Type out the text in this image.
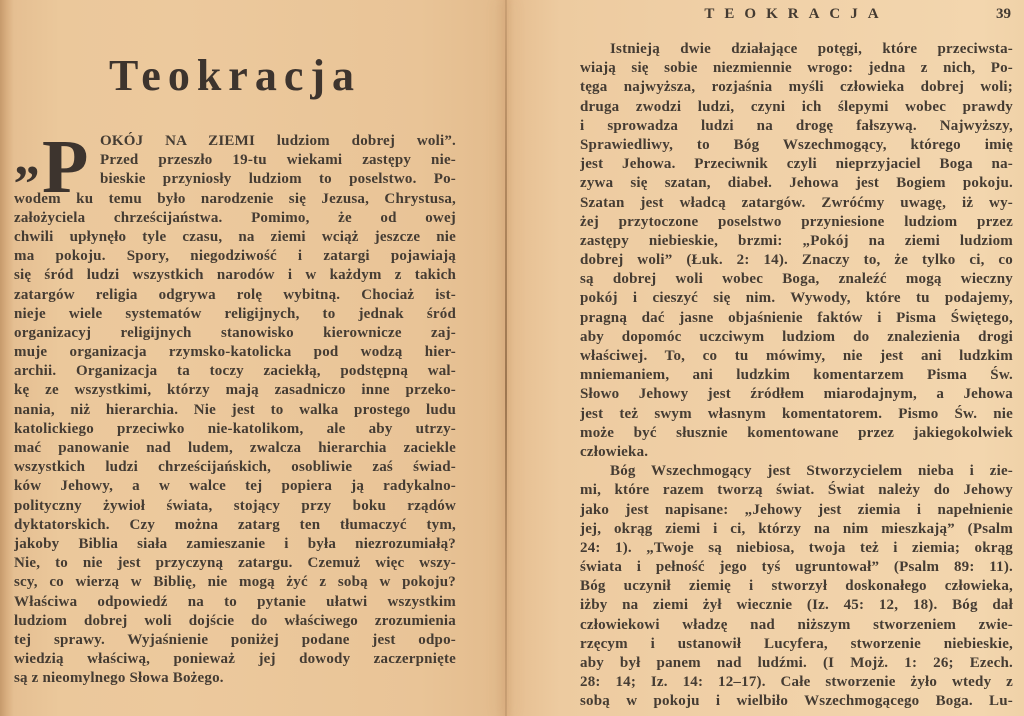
Teokracja
„ P OKÓJ NA ZIEMI ludziom dobrej woli”.
Przed przeszło 19-tu wiekami zastępy nie-
bieskie przyniosły ludziom to poselstwo. Po-
wodem ku temu było narodzenie się Jezusa, Chrystusa,
założyciela chrześcijaństwa. Pomimo, że od owej
chwili upłynęło tyle czasu, na ziemi wciąż jeszcze nie
ma pokoju. Spory, niegodziwość i zatargi pojawiają
się śród ludzi wszystkich narodów i w każdym z takich
zatargów religia odgrywa rolę wybitną. Chociaż ist-
nieje wiele systematów religijnych, to jednak śród
organizacyj religijnych stanowisko kierownicze zaj-
muje organizacja rzymsko-katolicka pod wodzą hier-
archii. Organizacja ta toczy zaciekłą, podstępną wal-
kę ze wszystkimi, którzy mają zasadniczo inne przeko-
nania, niż hierarchia. Nie jest to walka prostego ludu
katolickiego przeciwko nie-katolikom, ale aby utrzy-
mać panowanie nad ludem, zwalcza hierarchia zaciekle
wszystkich ludzi chrześcijańskich, osobliwie zaś świad-
ków Jehowy, a w walce tej popiera ją radykalno-
polityczny żywioł świata, stojący przy boku rządów
dyktatorskich. Czy można zatarg ten tłumaczyć tym,
jakoby Biblia siała zamieszanie i była niezrozumiałą?
Nie, to nie jest przyczyną zatargu. Czemuż więc wszy-
scy, co wierzą w Biblię, nie mogą żyć z sobą w pokoju?
Właściwa odpowiedź na to pytanie ułatwi wszystkim
ludziom dobrej woli dojście do właściwego zrozumienia
tej sprawy. Wyjaśnienie poniżej podane jest odpo-
wiedzią właściwą, ponieważ jej dowody zaczerpnięte
są z nieomylnego Słowa Bożego.
TEOKRACJA	39
Istnieją dwie działające potęgi, które przeciwsta-
wiają się sobie niezmiennie wrogo: jedna z nich, Po-
tęga najwyższa, rozjaśnia myśli człowieka dobrej woli;
druga zwodzi ludzi, czyni ich ślepymi wobec prawdy
i sprowadza ludzi na drogę fałszywą. Najwyższy,
Sprawiedliwy, to Bóg Wszechmogący, którego imię
jest Jehowa. Przeciwnik czyli nieprzyjaciel Boga na-
zywa się szatan, diabeł. Jehowa jest Bogiem pokoju.
Szatan jest władcą zatargów. Zwróćmy uwagę, iż wy-
żej przytoczone poselstwo przyniesione ludziom przez
zastępy niebieskie, brzmi: „Pokój na ziemi ludziom
dobrej woli” (Łuk. 2: 14). Znaczy to, że tylko ci, co
są dobrej woli wobec Boga, znaleźć mogą wieczny
pokój i cieszyć się nim. Wywody, które tu podajemy,
pragną dać jasne objaśnienie faktów i Pisma Świętego,
aby dopomóc uczciwym ludziom do znalezienia drogi
właściwej. To, co tu mówimy, nie jest ani ludzkim
mniemaniem, ani ludzkim komentarzem Pisma Św.
Słowo Jehowy jest źródłem miarodajnym, a Jehowa
jest też swym własnym komentatorem. Pismo Św. nie
może być słusznie komentowane przez jakiegokolwiek
człowieka.
Bóg Wszechmogący jest Stworzycielem nieba i zie-
mi, które razem tworzą świat. Świat należy do Jehowy
jako jest napisane: „Jehowy jest ziemia i napełnienie
jej, okrąg ziemi i ci, którzy na nim mieszkają” (Psalm
24: 1). „Twoje są niebiosa, twoja też i ziemia; okrąg
świata i pełność jego tyś ugruntował” (Psalm 89: 11).
Bóg uczynił ziemię i stworzył doskonałego człowieka,
iżby na ziemi żył wiecznie (Iz. 45: 12, 18). Bóg dał
człowiekowi władzę nad niższym stworzeniem zwie-
rzęcym i ustanowił Lucyfera, stworzenie niebieskie,
aby był panem nad ludźmi. (I Mojż. 1: 26; Ezech.
28: 14; Iz. 14: 12–17). Całe stworzenie żyło wtedy z
sobą w pokoju i wielbiło Wszechmogącego Boga. Lu-
